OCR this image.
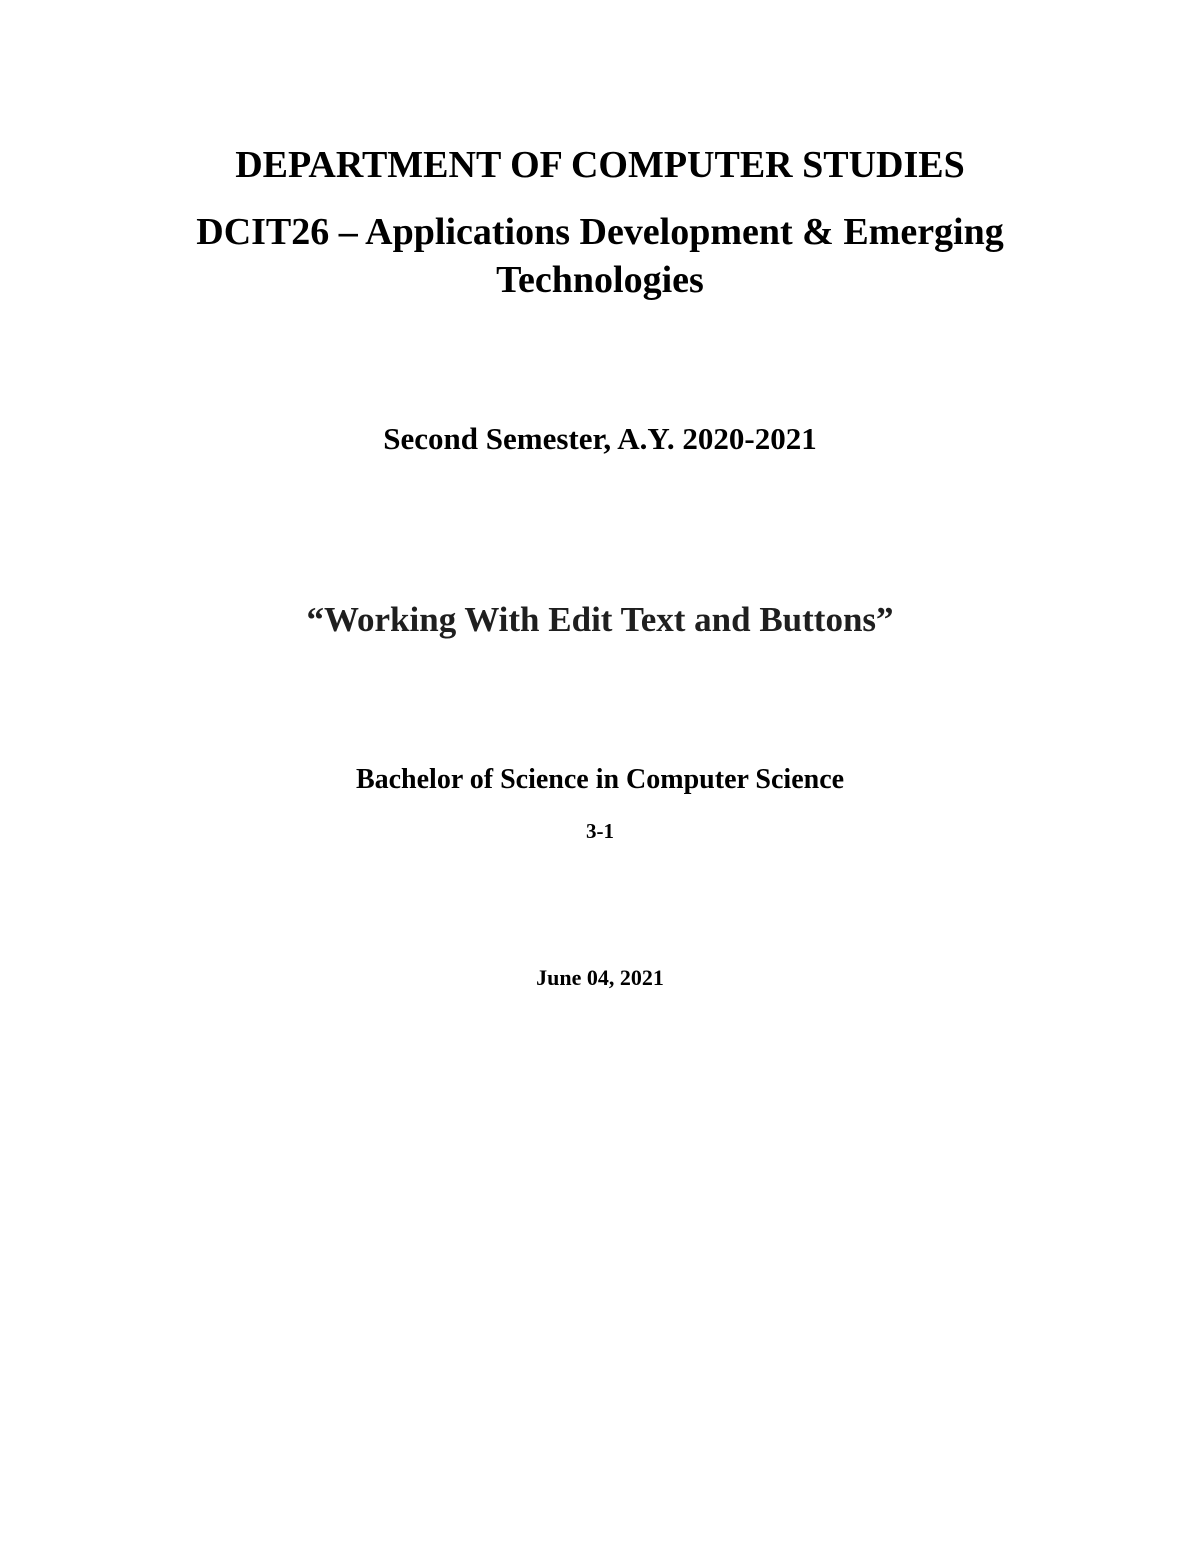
DEPARTMENT OF COMPUTER STUDIES
DCIT26 – Applications Development & Emerging
Technologies

Second Semester, A.Y. 2020-2021

“Working With Edit Text and Buttons”

Bachelor of Science in Computer Science

3-1

June 04, 2021
